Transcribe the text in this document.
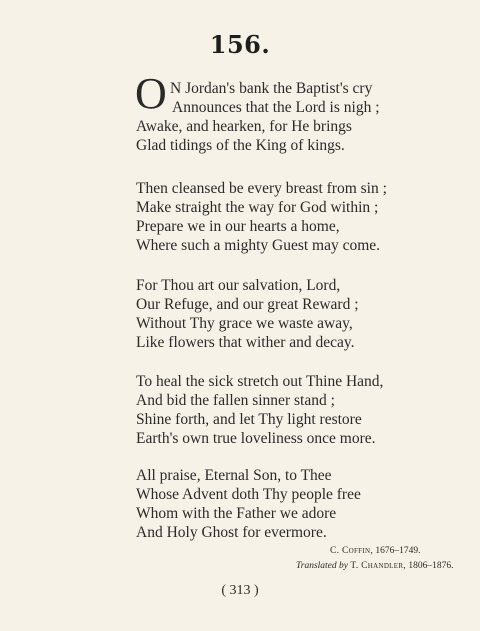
156.
O N Jordan's bank the Baptist's cry
Announces that the Lord is nigh ;
Awake, and hearken, for He brings
Glad tidings of the King of kings.
Then cleansed be every breast from sin ;
Make straight the way for God within ;
Prepare we in our hearts a home,
Where such a mighty Guest may come.
For Thou art our salvation, Lord,
Our Refuge, and our great Reward ;
Without Thy grace we waste away,
Like flowers that wither and decay.
To heal the sick stretch out Thine Hand,
And bid the fallen sinner stand ;
Shine forth, and let Thy light restore
Earth's own true loveliness once more.
All praise, Eternal Son, to Thee
Whose Advent doth Thy people free
Whom with the Father we adore
And Holy Ghost for evermore.
C. Coffin, 1676–1749.
Translated by T. Chandler, 1806–1876.
( 313 )
